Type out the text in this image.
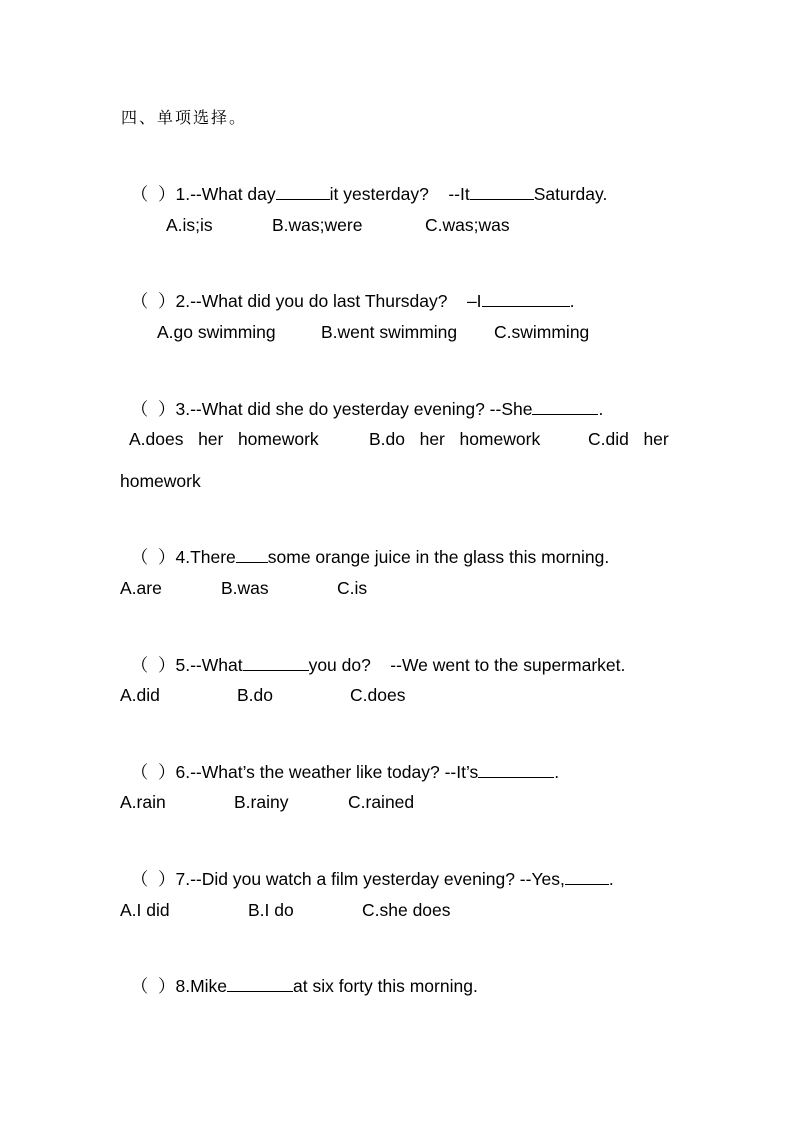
四、单项选择。

（  ）1.--What day	it yesterday?    --It	Saturday.

A.is;is	B.was;were	C.was;was

（  ）2.--What did you do last Thursday?    –I	.

A.go swimming	B.went swimming C.swimming

（  ）3.--What did she do yesterday evening? --She	.

A.does   her   homework	B.do   her   homework	C.did   her
homework

（  ）4.There some orange juice in the glass this morning.

A.are	B.was	C.is

（  ）5.--What	you do?    --We went to the supermarket.

A.did	B.do	C.does

（  ）6.--What’s the weather like today? --It’s	.

A.rain	B.rainy	C.rained

（  ）7.--Did you watch a film yesterday evening? --Yes,	.

A.I did	B.I do	C.she does

（  ）8.Mike	at six forty this morning.
